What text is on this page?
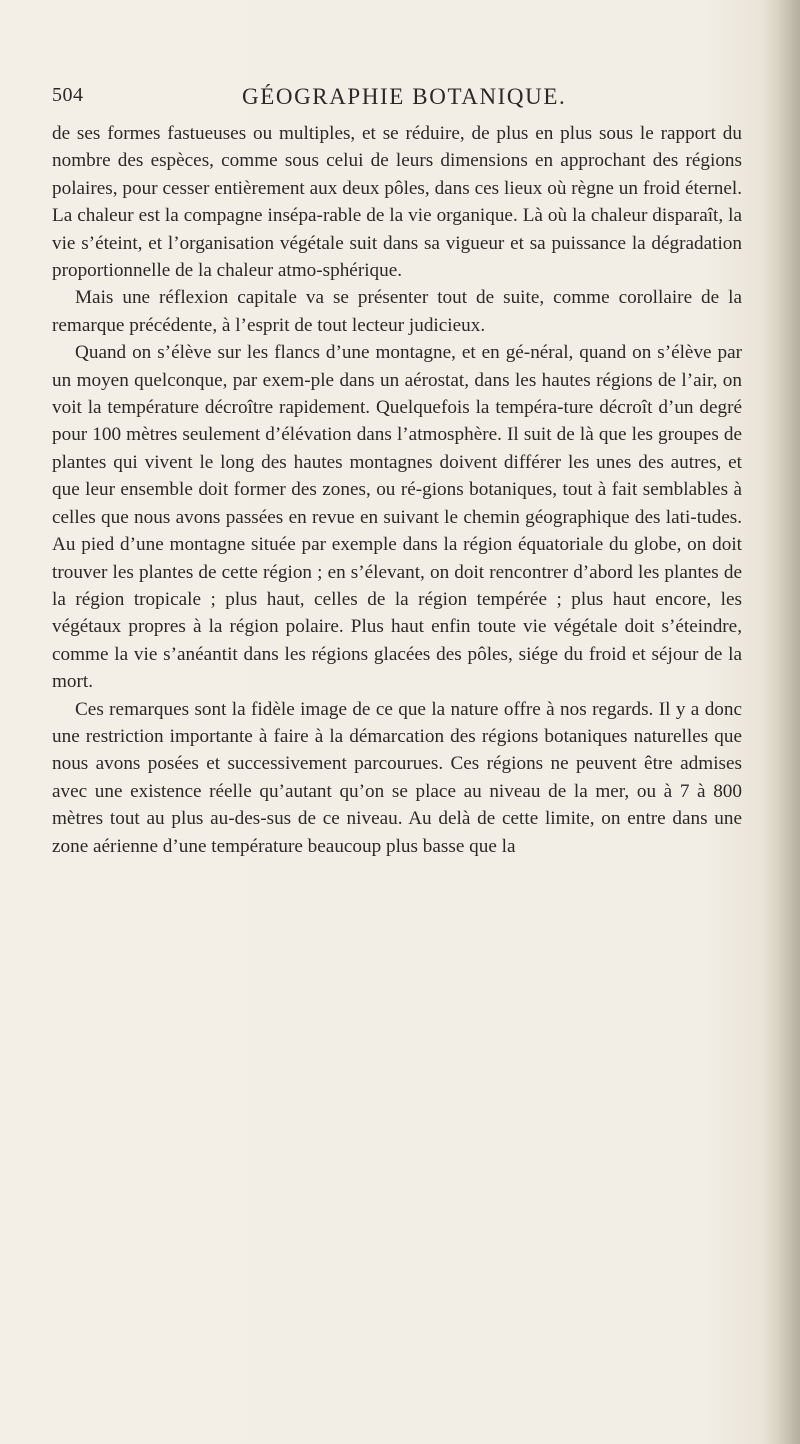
504	GÉOGRAPHIE BOTANIQUE.

de ses formes fastueuses ou multiples, et se réduire, de plus en plus sous le rapport du nombre des espèces, comme sous celui de leurs dimensions en approchant des régions polaires, pour cesser entièrement aux deux pôles, dans ces lieux où règne un froid éternel. La chaleur est la compagne insépa-rable de la vie organique. Là où la chaleur disparaît, la vie s’éteint, et l’organisation végétale suit dans sa vigueur et sa puissance la dégradation proportionnelle de la chaleur atmo-sphérique.

Mais une réflexion capitale va se présenter tout de suite, comme corollaire de la remarque précédente, à l’esprit de tout lecteur judicieux.

Quand on s’élève sur les flancs d’une montagne, et en gé-néral, quand on s’élève par un moyen quelconque, par exem-ple dans un aérostat, dans les hautes régions de l’air, on voit la température décroître rapidement. Quelquefois la tempéra-ture décroît d’un degré pour 100 mètres seulement d’élévation dans l’atmosphère. Il suit de là que les groupes de plantes qui vivent le long des hautes montagnes doivent différer les unes des autres, et que leur ensemble doit former des zones, ou ré-gions botaniques, tout à fait semblables à celles que nous avons passées en revue en suivant le chemin géographique des lati-tudes. Au pied d’une montagne située par exemple dans la région équatoriale du globe, on doit trouver les plantes de cette région ; en s’élevant, on doit rencontrer d’abord les plantes de la région tropicale ; plus haut, celles de la région tempérée ; plus haut encore, les végétaux propres à la région polaire. Plus haut enfin toute vie végétale doit s’éteindre, comme la vie s’anéantit dans les régions glacées des pôles, siége du froid et séjour de la mort.

Ces remarques sont la fidèle image de ce que la nature offre à nos regards. Il y a donc une restriction importante à faire à la démarcation des régions botaniques naturelles que nous avons posées et successivement parcourues. Ces régions ne peuvent être admises avec une existence réelle qu’autant qu’on se place au niveau de la mer, ou à 7 à 800 mètres tout au plus au-des-sus de ce niveau. Au delà de cette limite, on entre dans une zone aérienne d’une température beaucoup plus basse que la
